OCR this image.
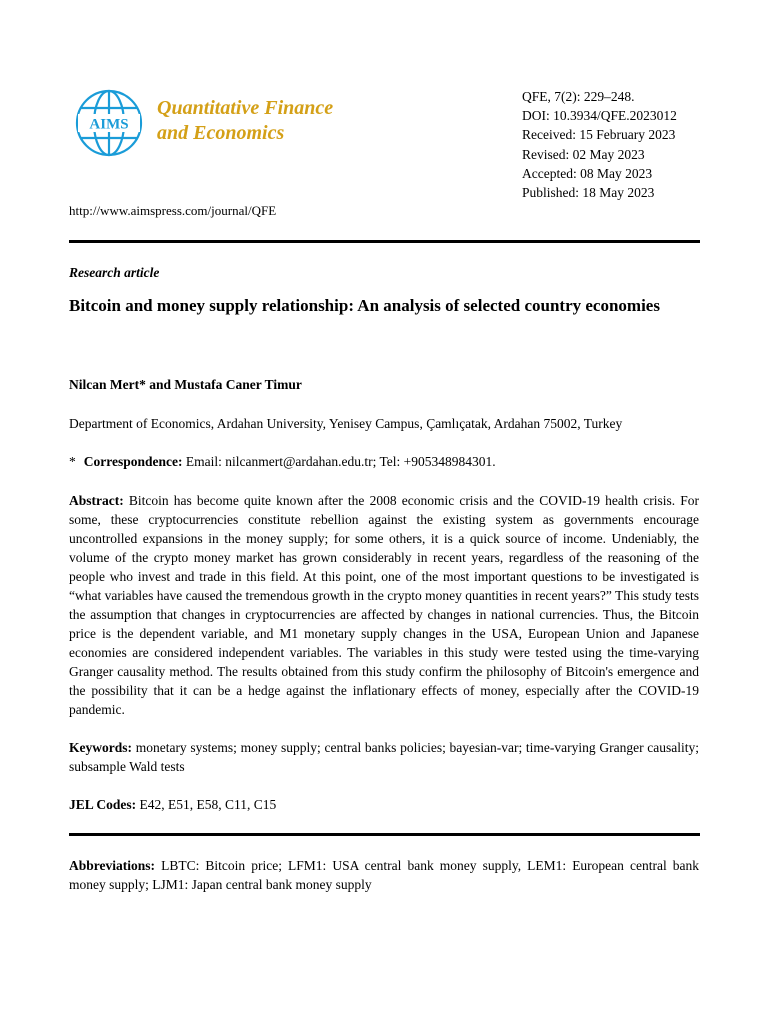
AIMS
Quantitative Finance
and Economics
QFE, 7(2): 229–248.
DOI: 10.3934/QFE.2023012
Received: 15 February 2023
Revised: 02 May 2023
Accepted: 08 May 2023
Published: 18 May 2023
http://www.aimspress.com/journal/QFE
Research article
Bitcoin and money supply relationship: An analysis of selected country economies
Nilcan Mert* and Mustafa Caner Timur
Department of Economics, Ardahan University, Yenisey Campus, Çamlıçatak, Ardahan 75002, Turkey
* Correspondence: Email: nilcanmert@ardahan.edu.tr; Tel: +905348984301.
Abstract: Bitcoin has become quite known after the 2008 economic crisis and the COVID-19 health crisis. For some, these cryptocurrencies constitute rebellion against the existing system as governments encourage uncontrolled expansions in the money supply; for some others, it is a quick source of income. Undeniably, the volume of the crypto money market has grown considerably in recent years, regardless of the reasoning of the people who invest and trade in this field. At this point, one of the most important questions to be investigated is “what variables have caused the tremendous growth in the crypto money quantities in recent years?” This study tests the assumption that changes in cryptocurrencies are affected by changes in national currencies. Thus, the Bitcoin price is the dependent variable, and M1 monetary supply changes in the USA, European Union and Japanese economies are considered independent variables. The variables in this study were tested using the time-varying Granger causality method. The results obtained from this study confirm the philosophy of Bitcoin's emergence and the possibility that it can be a hedge against the inflationary effects of money, especially after the COVID-19 pandemic.
Keywords: monetary systems; money supply; central banks policies; bayesian-var; time-varying Granger causality; subsample Wald tests
JEL Codes: E42, E51, E58, C11, C15
Abbreviations: LBTC: Bitcoin price; LFM1: USA central bank money supply, LEM1: European central bank money supply; LJM1: Japan central bank money supply
